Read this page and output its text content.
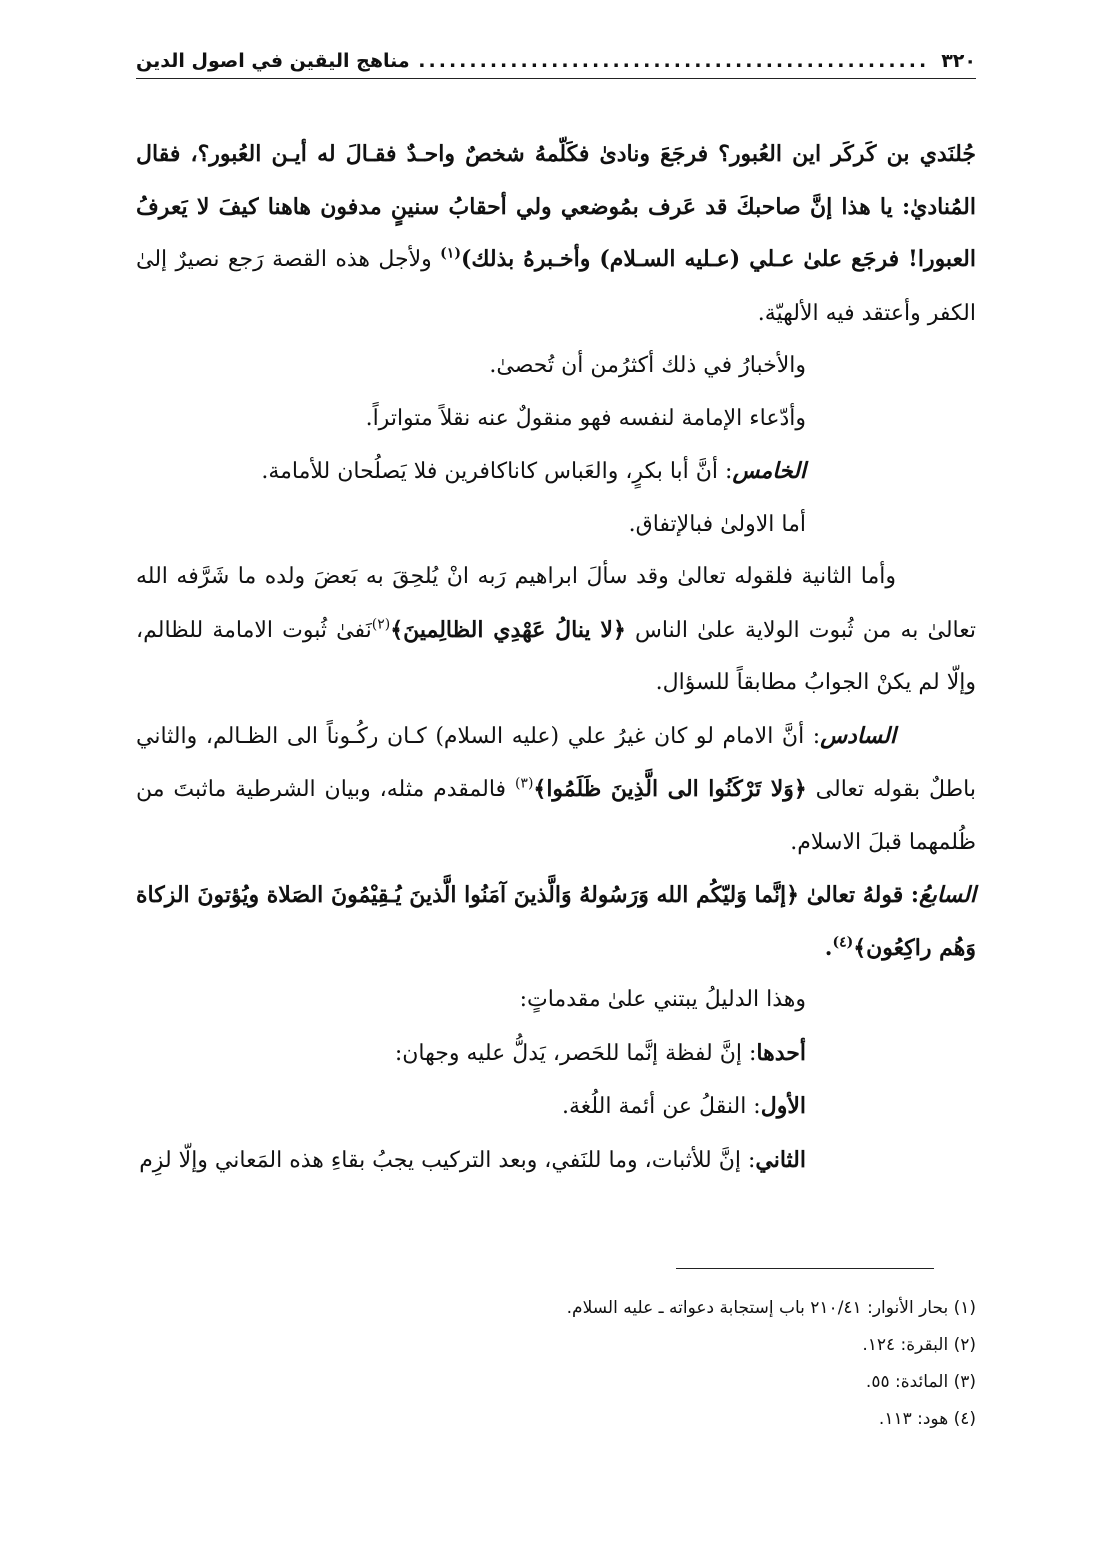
٣٢٠
.....
مناهج اليقين في اصول الدين

جُلنَدي بن كَركَر اين العُبور؟ فرجَعَ ونادىٰ فكَلّمهُ شخصٌ واحـدٌ فقـالَ له أيـن العُبور؟، فقال المُناديٰ: يا هذا إنَّ صاحبكَ قد عَرف بمُوضعي ولي أحقابُ سنينٍ مدفون هاهنا كيفَ لا يَعرفُ العبورا! فرجَع علىٰ عـلي (عـليه السـلام) وأخـبرهُ بذلك)$^{(١)}$ ولأجل هذه القصة رَجع نصيرٌ إلىٰ الكفر وأعتقد فيه الألهيّة.

والأخبارُ في ذلك أكثرُمن أن تُحصىٰ.

وأدّعاء الإمامة لنفسه فهو منقولٌ عنه نقلاً متواتراً.

الخامس: أنَّ أبا بكرٍ، والعَباس كاناكافرين فلا يَصلُحان للأمامة.

أما الاولىٰ فبالإتفاق.

وأما الثانية فلقوله تعالىٰ وقد سألَ ابراهيم رَبه انْ يُلحِقَ به بَعضَ ولده ما شَرَّفه الله تعالىٰ به من ثُبوت الولاية علىٰ الناس ﴿لا ينالُ عَهْدِي الظالِمينَ﴾$^{(٢)}$نَفىٰ ثُبوت الامامة للظالم، وإلّا لم يكنْ الجوابُ مطابقاً للسؤال.

السادس: أنَّ الامام لو كان غيرُ علي (عليه السلام) كـان ركُـوناً الى الظـالم، والثاني باطلٌ بقوله تعالى ﴿وَلا تَرْكَنُوا الى الَّذِينَ ظَلَمُوا﴾$^{(٣)}$ فالمقدم مثله، وبيان الشرطية ماثبتَ من ظُلمهما قبلَ الاسلام.

السابعُ: قولهُ تعالىٰ ﴿إنَّما وَليّكُم الله وَرَسُولهُ وَالَّذينَ آمَنُوا الَّذينَ يُـقِيْمُونَ الصَلاة ويُؤتونَ الزكاة وَهُم راكِعُون﴾$^{(٤)}$.

وهذا الدليلُ يبتني علىٰ مقدماتٍ:

أحدها: إنَّ لفظة إنَّما للحَصر، يَدلُّ عليه وجهان:

الأول: النقلُ عن أئمة اللُغة.

الثاني: إنَّ للأثبات، وما للنَفي، وبعد التركيب يجبُ بقاءِ هذه المَعاني وإلّا لزِم

(١) بحار الأنوار: ٢١٠/٤١ باب إستجابة دعواته ـ عليه السلام.

(٢) البقرة: ١٢٤.

(٣) المائدة: ٥٥.

(٤) هود: ١١٣.
